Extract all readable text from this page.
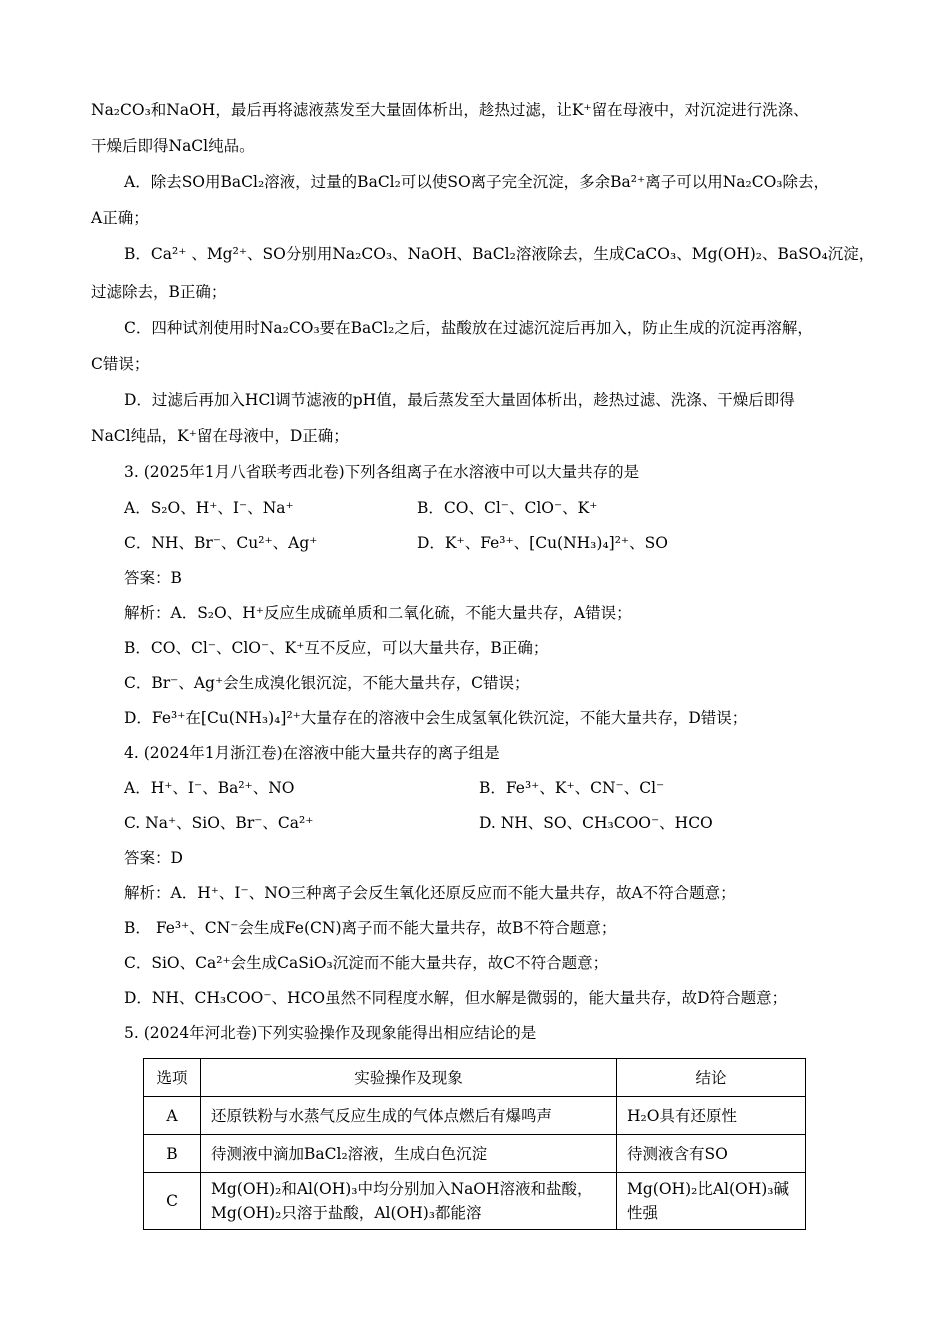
Na₂CO₃和NaOH，最后再将滤液蒸发至大量固体析出，趁热过滤，让K⁺留在母液中，对沉淀进行洗涤、
干燥后即得NaCl纯品。
A．除去SO用BaCl₂溶液，过量的BaCl₂可以使SO离子完全沉淀，多余Ba²⁺离子可以用Na₂CO₃除去，
A正确；
B．Ca²⁺ 、Mg²⁺、SO分别用Na₂CO₃、NaOH、BaCl₂溶液除去，生成CaCO₃、Mg(OH)₂、BaSO₄沉淀，
过滤除去，B正确；
C．四种试剂使用时Na₂CO₃要在BaCl₂之后，盐酸放在过滤沉淀后再加入，防止生成的沉淀再溶解，
C错误；
D．过滤后再加入HCl调节滤液的pH值，最后蒸发至大量固体析出，趁热过滤、洗涤、干燥后即得
NaCl纯品，K⁺留在母液中，D正确；
3. (2025年1月八省联考西北卷)下列各组离子在水溶液中可以大量共存的是
A．S₂O、H⁺、I⁻、Na⁺	B．CO、Cl⁻、ClO⁻、K⁺
C．NH、Br⁻、Cu²⁺、Ag⁺	D．K⁺、Fe³⁺、[Cu(NH₃)₄]²⁺、SO
答案：B
解析：A．S₂O、H⁺反应生成硫单质和二氧化硫，不能大量共存，A错误；
B．CO、Cl⁻、ClO⁻、K⁺互不反应，可以大量共存，B正确；
C．Br⁻、Ag⁺会生成溴化银沉淀，不能大量共存，C错误；
D．Fe³⁺在[Cu(NH₃)₄]²⁺大量存在的溶液中会生成氢氧化铁沉淀，不能大量共存，D错误；
4. (2024年1月浙江卷)在溶液中能大量共存的离子组是
A．H⁺、I⁻、Ba²⁺、NO	B．Fe³⁺、K⁺、CN⁻、Cl⁻
C. Na⁺、SiO、Br⁻、Ca²⁺	D. NH、SO、CH₃COO⁻、HCO
答案：D
解析：A．H⁺、I⁻、NO三种离子会反生氧化还原反应而不能大量共存，故A不符合题意；
B． Fe³⁺、CN⁻会生成Fe(CN)离子而不能大量共存，故B不符合题意；
C．SiO、Ca²⁺会生成CaSiO₃沉淀而不能大量共存，故C不符合题意；
D．NH、CH₃COO⁻、HCO虽然不同程度水解，但水解是微弱的，能大量共存，故D符合题意；
5. (2024年河北卷)下列实验操作及现象能得出相应结论的是
选项	实验操作及现象	结论
A	还原铁粉与水蒸气反应生成的气体点燃后有爆鸣声	H₂O具有还原性
B	待测液中滴加BaCl₂溶液，生成白色沉淀	待测液含有SO
C	Mg(OH)₂和Al(OH)₃中均分别加入NaOH溶液和盐酸，Mg(OH)₂只溶于盐酸，Al(OH)₃都能溶	Mg(OH)₂比Al(OH)₃碱性强
